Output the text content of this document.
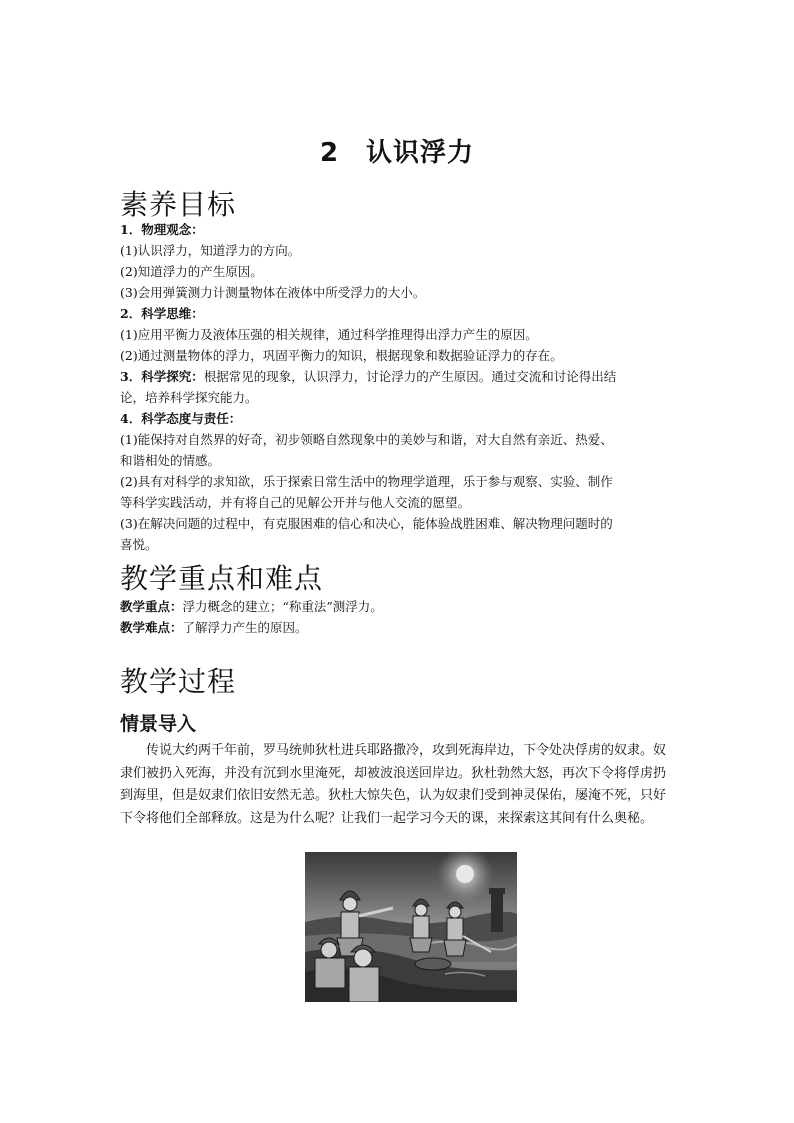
2　认识浮力
素养目标
1．物理观念：
(1)认识浮力，知道浮力的方向。
(2)知道浮力的产生原因。
(3)会用弹簧测力计测量物体在液体中所受浮力的大小。
2．科学思维：
(1)应用平衡力及液体压强的相关规律，通过科学推理得出浮力产生的原因。
(2)通过测量物体的浮力，巩固平衡力的知识，根据现象和数据验证浮力的存在。
3．科学探究：根据常见的现象，认识浮力，讨论浮力的产生原因。通过交流和讨论得出结
论，培养科学探究能力。
4．科学态度与责任：
(1)能保持对自然界的好奇，初步领略自然现象中的美妙与和谐，对大自然有亲近、热爱、
和谐相处的情感。
(2)具有对科学的求知欲，乐于探索日常生活中的物理学道理，乐于参与观察、实验、制作
等科学实践活动，并有将自己的见解公开并与他人交流的愿望。
(3)在解决问题的过程中，有克服困难的信心和决心，能体验战胜困难、解决物理问题时的
喜悦。
教学重点和难点
教学重点：浮力概念的建立；“称重法”测浮力。
教学难点：了解浮力产生的原因。
教学过程
情景导入
传说大约两千年前，罗马统帅狄杜进兵耶路撒冷，攻到死海岸边，下令处决俘虏的奴隶。奴隶们被扔入死海，并没有沉到水里淹死，却被波浪送回岸边。狄杜勃然大怒，再次下令将俘虏扔到海里，但是奴隶们依旧安然无恙。狄杜大惊失色，认为奴隶们受到神灵保佑，屡淹不死，只好下令将他们全部释放。这是为什么呢？让我们一起学习今天的课，来探索这其间有什么奥秘。
